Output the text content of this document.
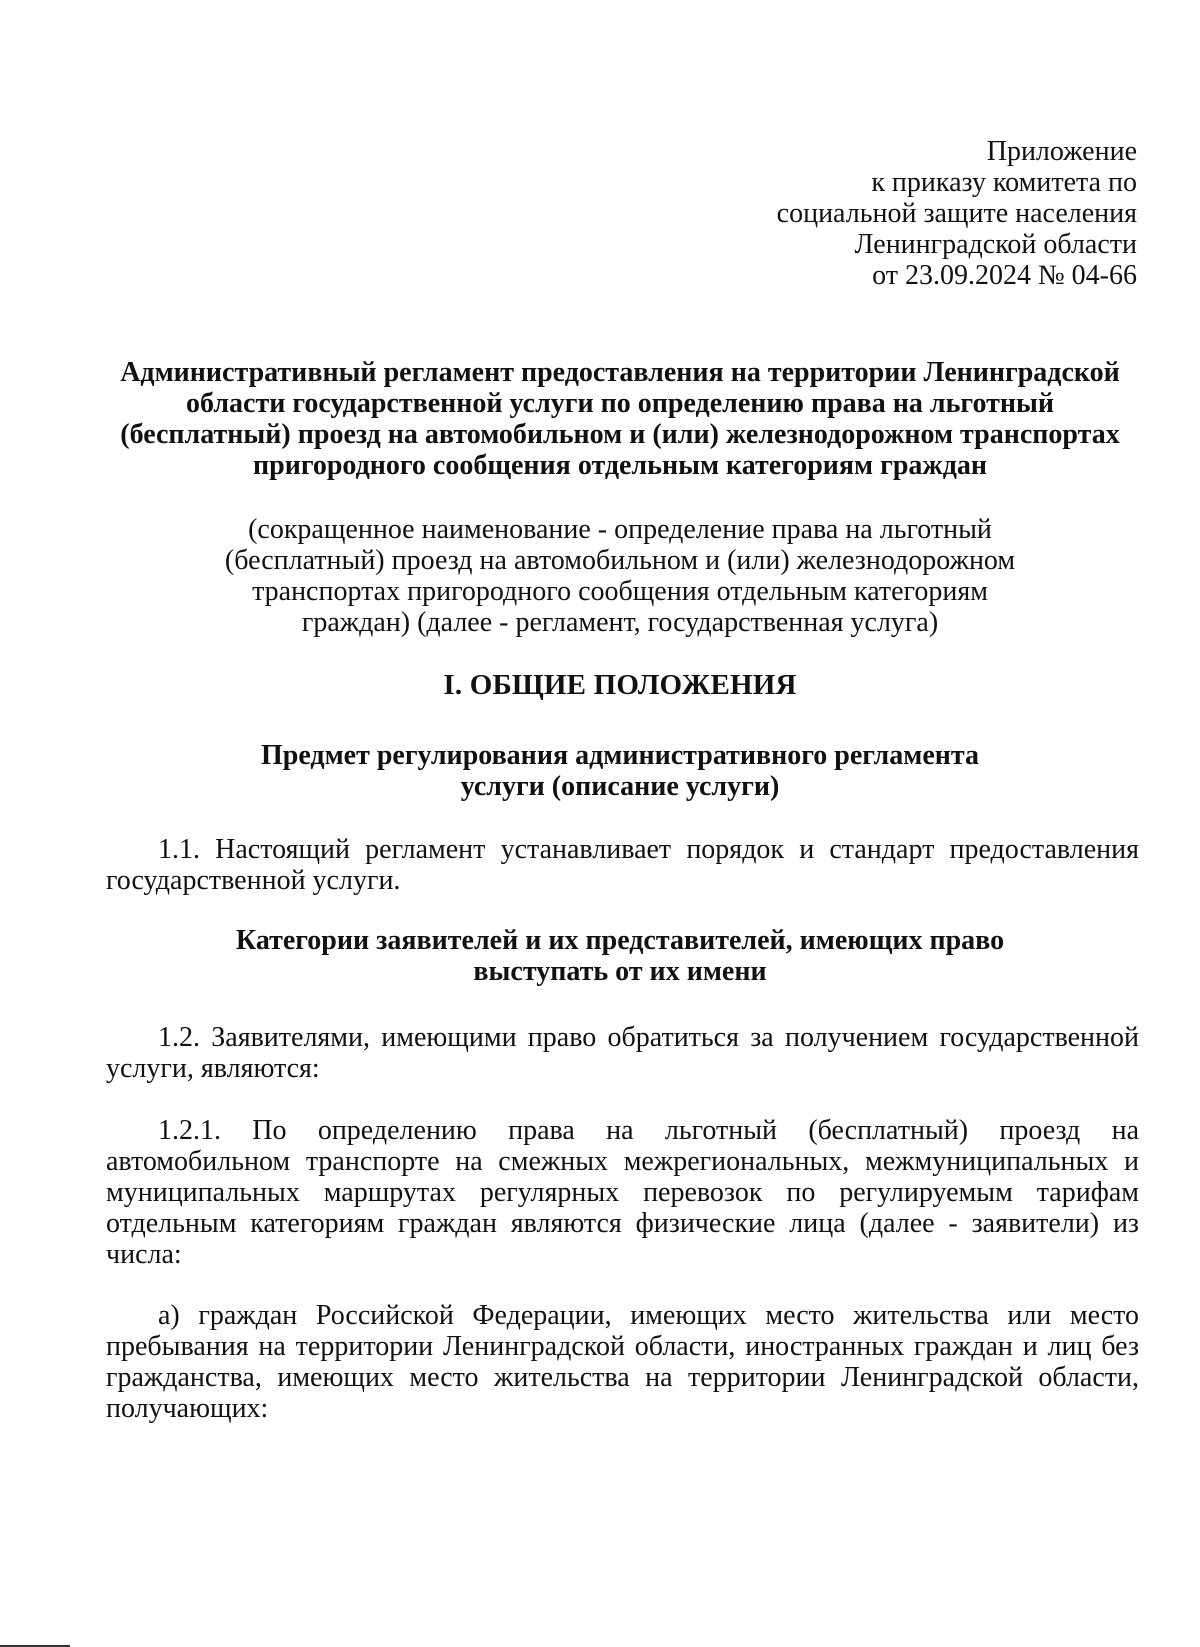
Приложение
к приказу комитета по
социальной защите населения
Ленинградской области
от 23.09.2024 № 04-66
Административный регламент предоставления на территории Ленинградской
области государственной услуги по определению права на льготный
(бесплатный) проезд на автомобильном и (или) железнодорожном транспортах
пригородного сообщения отдельным категориям граждан
(сокращенное наименование - определение права на льготный
(бесплатный) проезд на автомобильном и (или) железнодорожном
транспортах пригородного сообщения отдельным категориям
граждан) (далее - регламент, государственная услуга)
I. ОБЩИЕ ПОЛОЖЕНИЯ
Предмет регулирования административного регламента
услуги (описание услуги)
1.1. Настоящий регламент устанавливает порядок и стандарт предоставления
государственной услуги.
Категории заявителей и их представителей, имеющих право
выступать от их имени
1.2. Заявителями, имеющими право обратиться за получением государственной
услуги, являются:
1.2.1. По определению права на льготный (бесплатный) проезд на
автомобильном транспорте на смежных межрегиональных, межмуниципальных и
муниципальных маршрутах регулярных перевозок по регулируемым тарифам
отдельным категориям граждан являются физические лица (далее - заявители) из
числа:
а) граждан Российской Федерации, имеющих место жительства или место
пребывания на территории Ленинградской области, иностранных граждан и лиц без
гражданства, имеющих место жительства на территории Ленинградской области,
получающих:
